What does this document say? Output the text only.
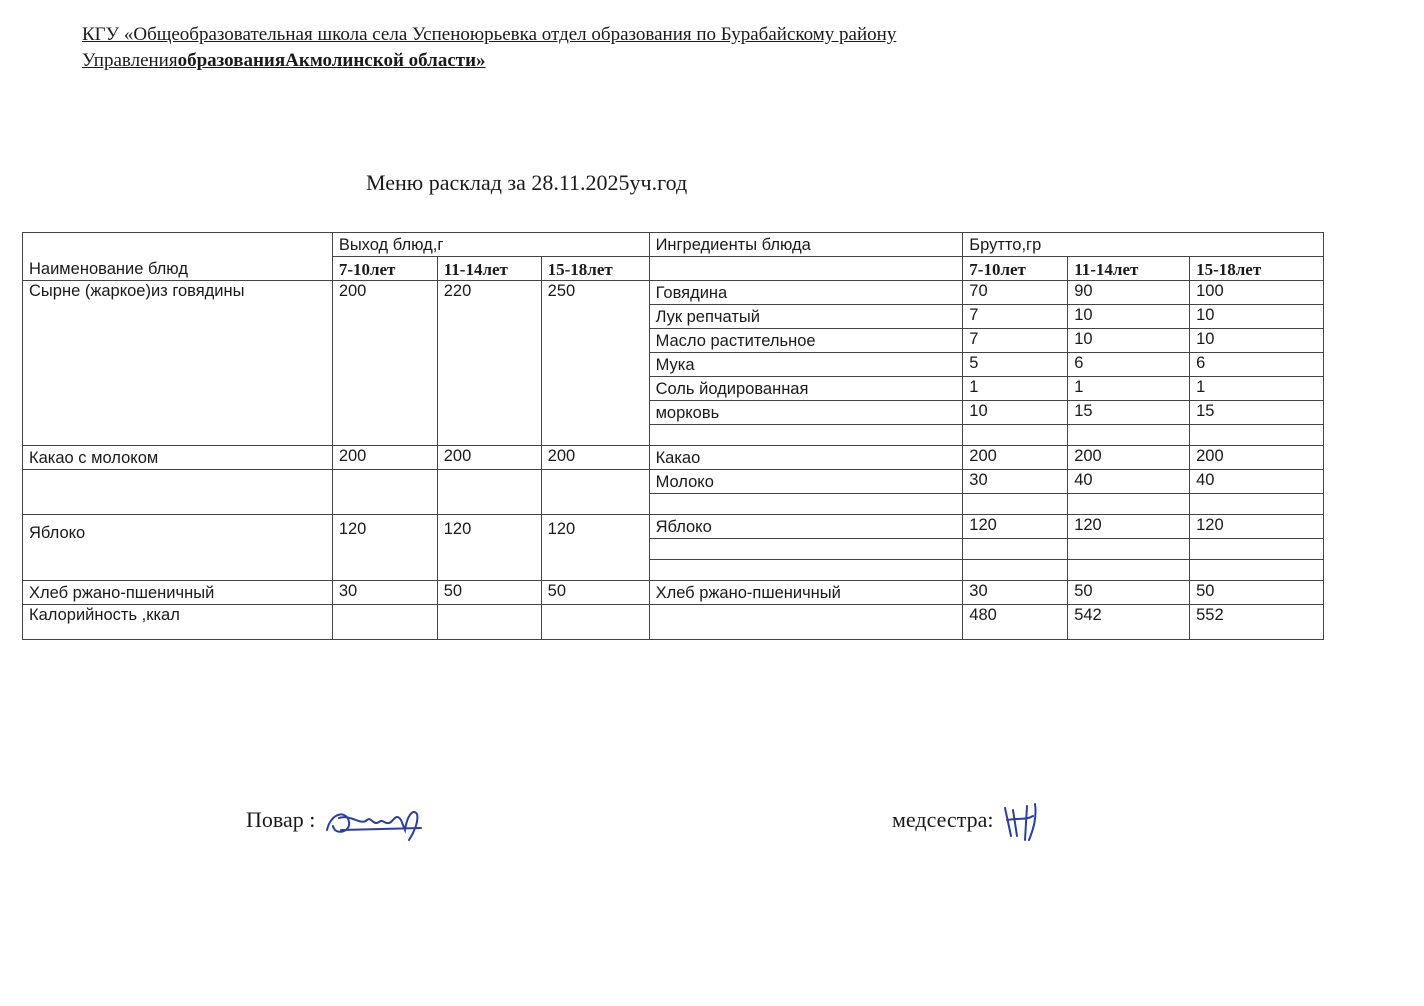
КГУ «Общеобразовательная школа села Успеноюрьевка отдел образования по Бурабайскому району
УправленияобразованияАкмолинской области»
Меню расклад за 28.11.2025уч.год
Наименование блюд	Выход блюд,г			Ингредиенты блюда	Брутто,гр		
	7-10лет	11-14лет	15-18лет		7-10лет	11-14лет	15-18лет
Сырне (жаркое)из говядины	200	220	250	Говядина	70	90	100
				Лук репчатый	7	10	10
				Масло растительное	7	10	10
				Мука	5	6	6
				Соль йодированная	1	1	1
				морковь	10	15	15

Какао с молоком	200	200	200	Какао	200	200	200
				Молоко	30	40	40

Яблоко	120	120	120	Яблоко	120	120	120

Хлеб ржано-пшеничный	30	50	50	Хлеб ржано-пшеничный	30	50	50
Калорийность ,ккал					480	542	552
Повар :	медсестра:
